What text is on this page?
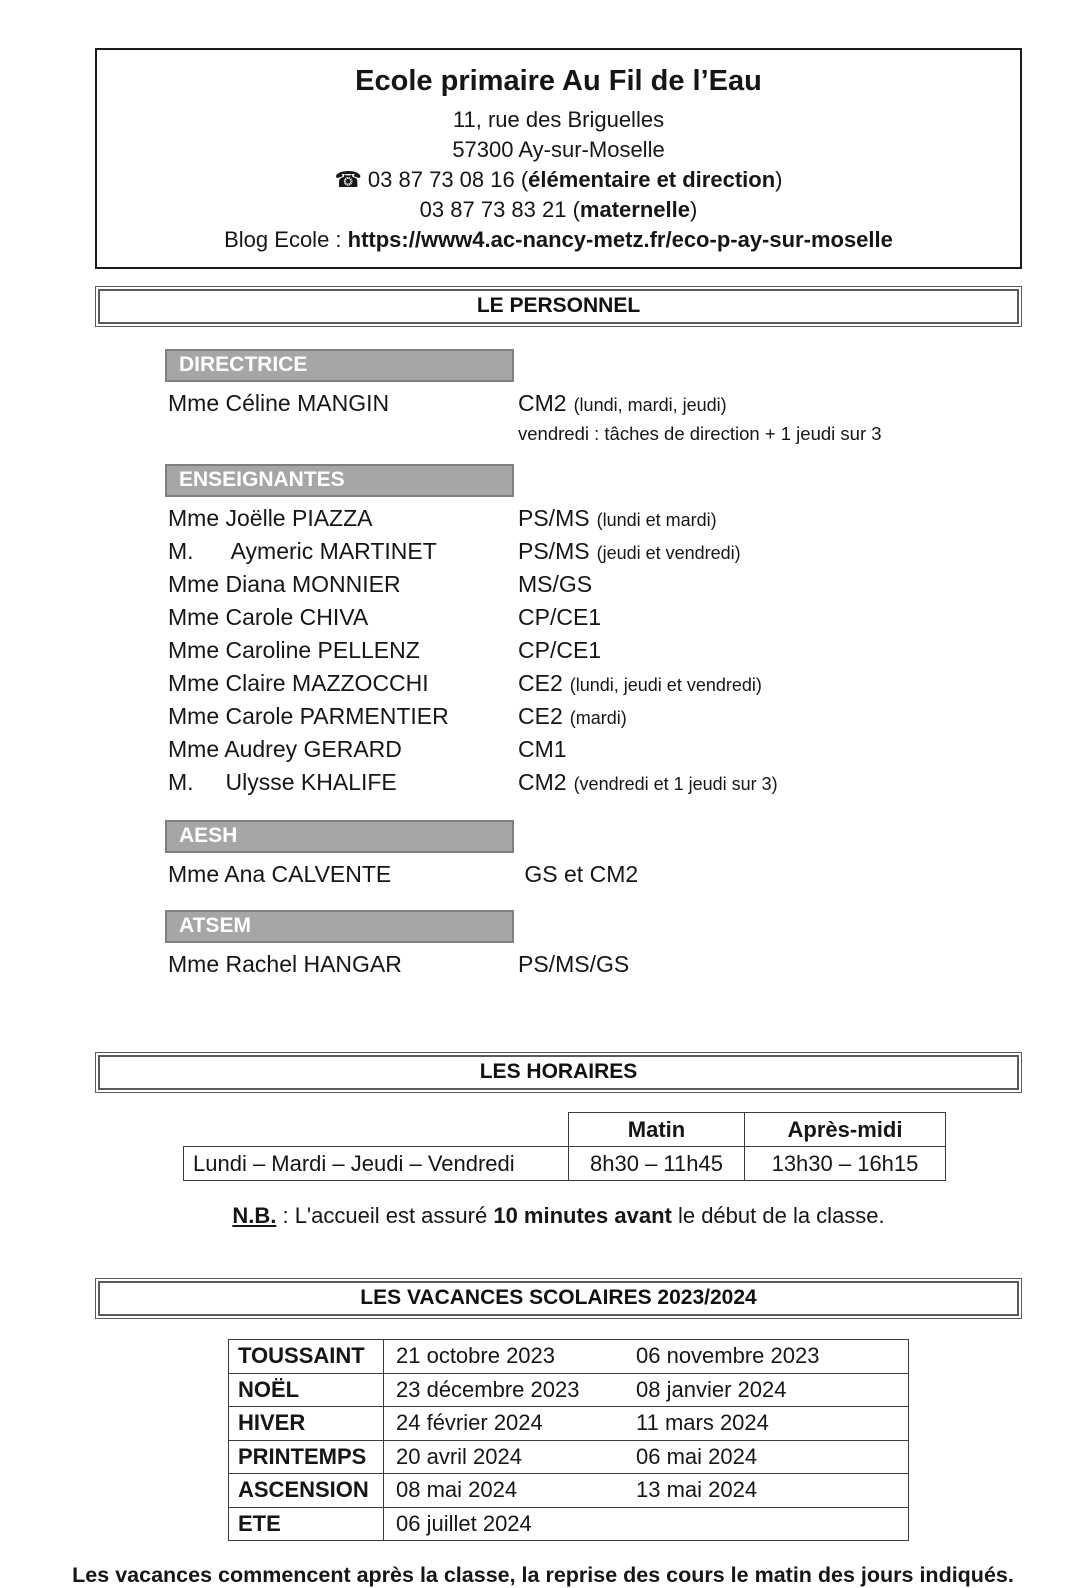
Ecole primaire Au Fil de l’Eau
11, rue des Briguelles
57300 Ay-sur-Moselle
☎ 03 87 73 08 16 (élémentaire et direction)
03 87 73 83 21 (maternelle)
Blog Ecole : https://www4.ac-nancy-metz.fr/eco-p-ay-sur-moselle
LE PERSONNEL
DIRECTRICE
Mme Céline MANGIN	CM2 (lundi, mardi, jeudi)
vendredi : tâches de direction + 1 jeudi sur 3
ENSEIGNANTES
Mme Joëlle PIAZZA	PS/MS (lundi et mardi)
M.      Aymeric MARTINET	PS/MS (jeudi et vendredi)
Mme Diana MONNIER	MS/GS
Mme Carole CHIVA	CP/CE1
Mme Caroline PELLENZ	CP/CE1
Mme Claire MAZZOCCHI	CE2 (lundi, jeudi et vendredi)
Mme Carole PARMENTIER	CE2 (mardi)
Mme Audrey GERARD	CM1
M.     Ulysse KHALIFE	CM2 (vendredi et 1 jeudi sur 3)
AESH
Mme Ana CALVENTE	GS et CM2
ATSEM
Mme Rachel HANGAR	PS/MS/GS
LES HORAIRES
	Matin	Après-midi
Lundi – Mardi – Jeudi – Vendredi	8h30 – 11h45	13h30 – 16h15
N.B. : L'accueil est assuré 10 minutes avant le début de la classe.
LES VACANCES SCOLAIRES 2023/2024
TOUSSAINT	21 octobre 2023 06 novembre 2023
NOËL	23 décembre 2023 08 janvier 2024
HIVER	24 février 2024 11 mars 2024
PRINTEMPS	20 avril 2024 06 mai 2024
ASCENSION	08 mai 2024 13 mai 2024
ETE	06 juillet 2024
Les vacances commencent après la classe, la reprise des cours le matin des jours indiqués.
